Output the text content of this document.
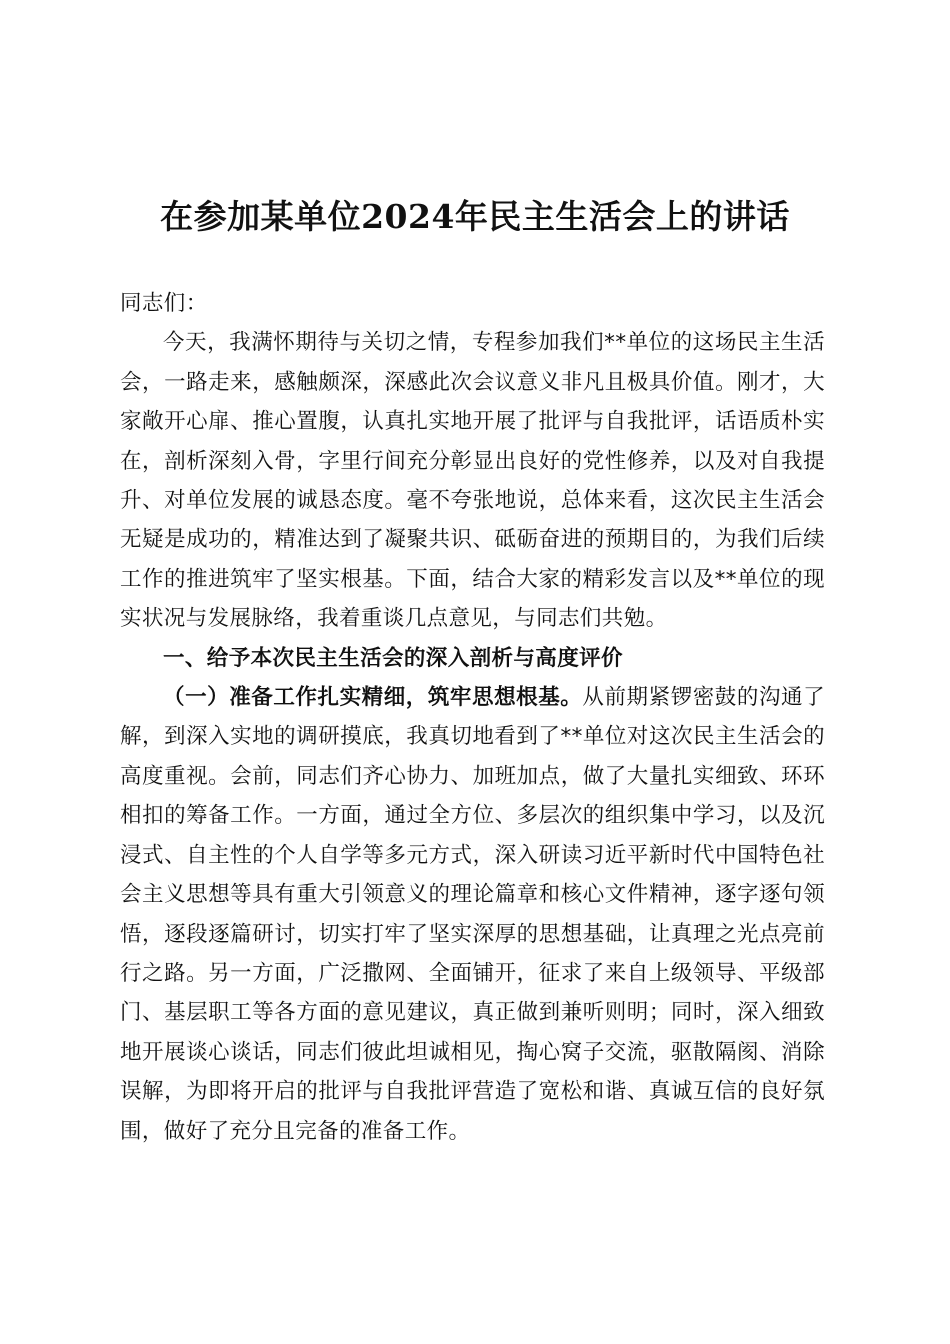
在参加某单位2024年民主生活会上的讲话

同志们：

今天，我满怀期待与关切之情，专程参加我们**单位的这场民主生活会，一路走来，感触颇深，深感此次会议意义非凡且极具价值。刚才，大家敞开心扉、推心置腹，认真扎实地开展了批评与自我批评，话语质朴实在，剖析深刻入骨，字里行间充分彰显出良好的党性修养，以及对自我提升、对单位发展的诚恳态度。毫不夸张地说，总体来看，这次民主生活会无疑是成功的，精准达到了凝聚共识、砥砺奋进的预期目的，为我们后续工作的推进筑牢了坚实根基。下面，结合大家的精彩发言以及**单位的现实状况与发展脉络，我着重谈几点意见，与同志们共勉。

一、给予本次民主生活会的深入剖析与高度评价

（一）准备工作扎实精细，筑牢思想根基。从前期紧锣密鼓的沟通了解，到深入实地的调研摸底，我真切地看到了**单位对这次民主生活会的高度重视。会前，同志们齐心协力、加班加点，做了大量扎实细致、环环相扣的筹备工作。一方面，通过全方位、多层次的组织集中学习，以及沉浸式、自主性的个人自学等多元方式，深入研读习近平新时代中国特色社会主义思想等具有重大引领意义的理论篇章和核心文件精神，逐字逐句领悟，逐段逐篇研讨，切实打牢了坚实深厚的思想基础，让真理之光点亮前行之路。另一方面，广泛撒网、全面铺开，征求了来自上级领导、平级部门、基层职工等各方面的意见建议，真正做到兼听则明；同时，深入细致地开展谈心谈话，同志们彼此坦诚相见，掏心窝子交流，驱散隔阂、消除误解，为即将开启的批评与自我批评营造了宽松和谐、真诚互信的良好氛围，做好了充分且完备的准备工作。
